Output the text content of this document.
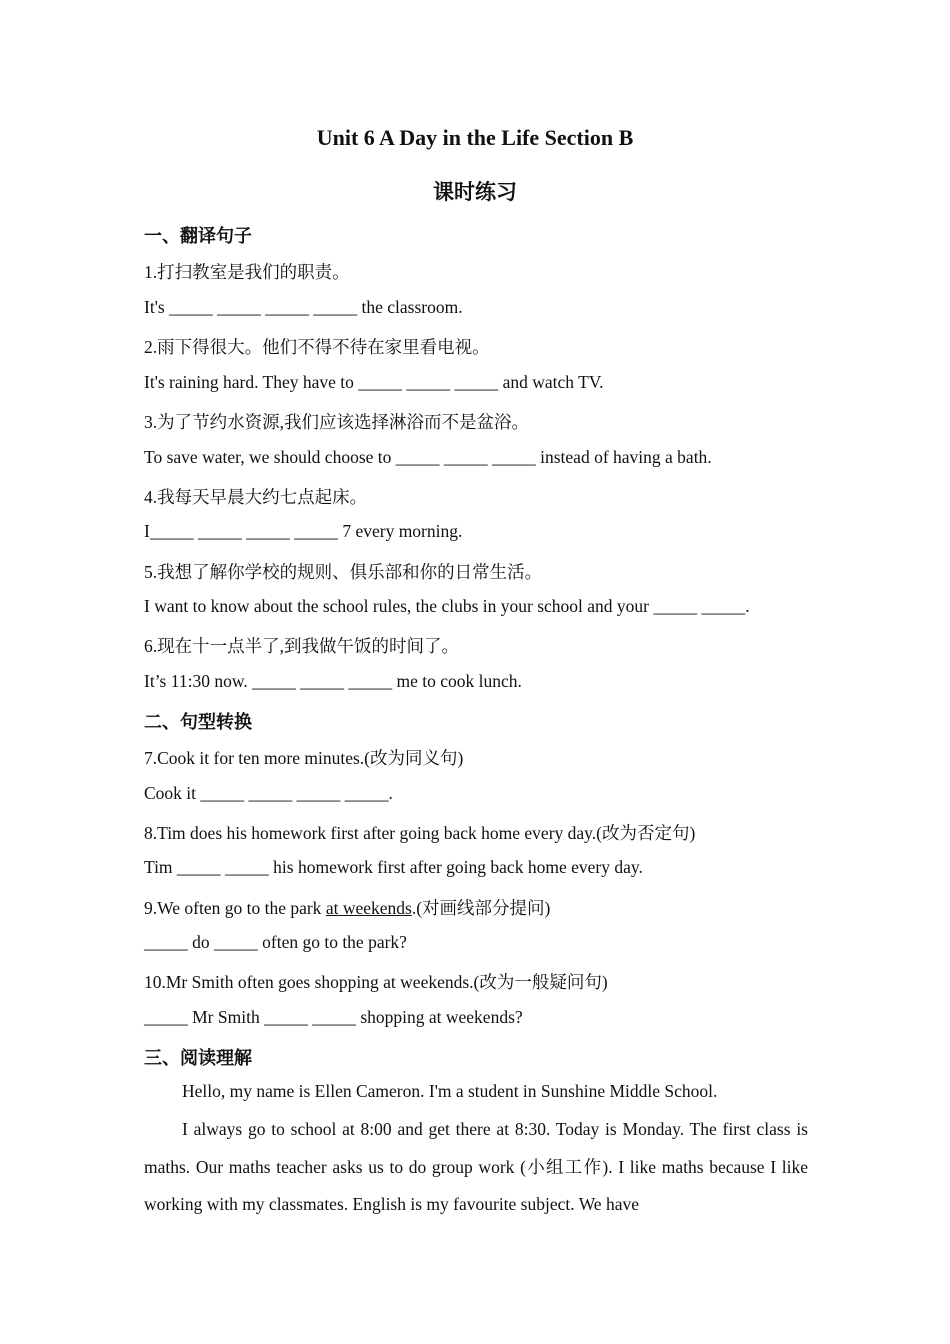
Unit 6 A Day in the Life Section B
课时练习
一、翻译句子
1.打扫教室是我们的职责。
It's _____ _____ _____ _____ the classroom.
2.雨下得很大。他们不得不待在家里看电视。
It's raining hard. They have to _____ _____ _____ and watch TV.
3.为了节约水资源,我们应该选择淋浴而不是盆浴。
To save water, we should choose to _____ _____ _____ instead of having a bath.
4.我每天早晨大约七点起床。
I_____ _____ _____ _____ 7 every morning.
5.我想了解你学校的规则、俱乐部和你的日常生活。
I want to know about the school rules, the clubs in your school and your _____ _____.
6.现在十一点半了,到我做午饭的时间了。
It’s 11:30 now. _____ _____ _____ me to cook lunch.
二、句型转换
7.Cook it for ten more minutes.(改为同义句)
Cook it _____ _____ _____ _____.
8.Tim does his homework first after going back home every day.(改为否定句)
Tim _____ _____ his homework first after going back home every day.
9.We often go to the park at weekends.(对画线部分提问)
_____ do _____ often go to the park?
10.Mr Smith often goes shopping at weekends.(改为一般疑问句)
_____ Mr Smith _____ _____ shopping at weekends?
三、阅读理解
Hello, my name is Ellen Cameron. I'm a student in Sunshine Middle School.
I always go to school at 8:00 and get there at 8:30. Today is Monday. The first class is maths. Our maths teacher asks us to do group work (小组工作). I like maths because I like working with my classmates. English is my favourite subject. We have
